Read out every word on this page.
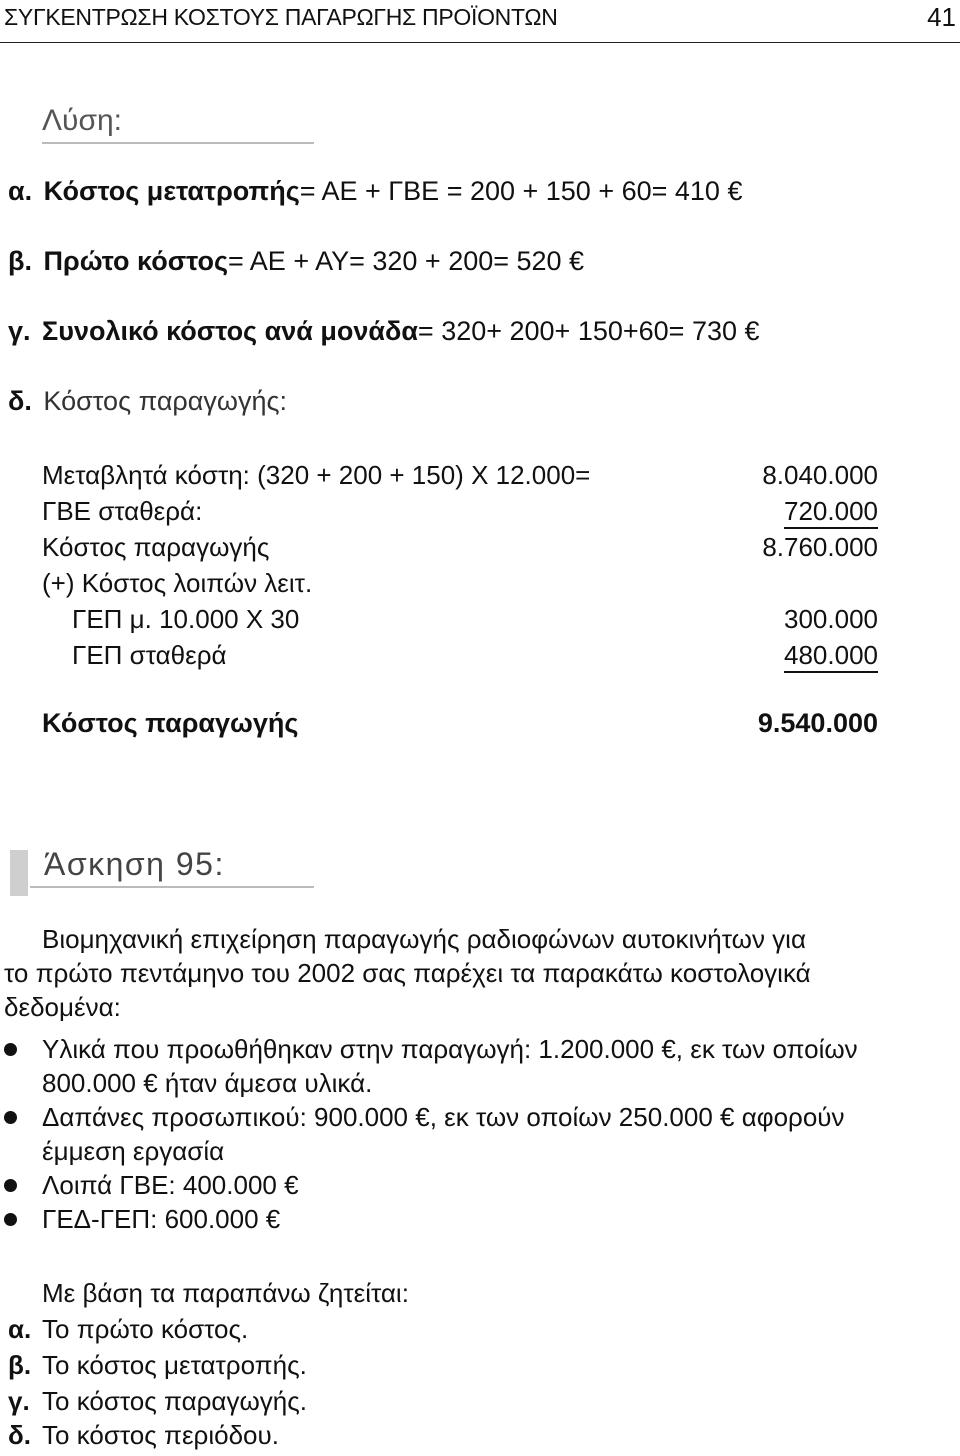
ΣΥΓΚΕΝΤΡΩΣΗ ΚΟΣΤΟΥΣ ΠΑΓΑΡΩΓΗΣ ΠΡΟΪΟΝΤΩΝ	41
Λύση:
α. Κόστος μετατροπής= ΑΕ + ΓΒΕ = 200 + 150 + 60= 410 €
β. Πρώτο κόστος= ΑΕ + ΑΥ= 320 + 200= 520 €
γ. Συνολικό κόστος ανά μονάδα= 320+ 200+ 150+60= 730 €
δ. Κόστος παραγωγής:
Μεταβλητά κόστη: (320 + 200 + 150) Χ 12.000=	8.040.000
ΓΒΕ σταθερά:	720.000
Κόστος παραγωγής	8.760.000
(+) Κόστος λοιπών λειτ.
ΓΕΠ μ. 10.000 Χ 30	300.000
ΓΕΠ σταθερά	480.000
Κόστος παραγωγής	9.540.000
Άσκηση 95:
Βιομηχανική επιχείρηση παραγωγής ραδιοφώνων αυτοκινήτων για
το πρώτο πεντάμηνο του 2002 σας παρέχει τα παρακάτω κοστολογικά
δεδομένα:
Υλικά που προωθήθηκαν στην παραγωγή: 1.200.000 €, εκ των οποίων
800.000 € ήταν άμεσα υλικά.
Δαπάνες προσωπικού: 900.000 €, εκ των οποίων 250.000 € αφορούν
έμμεση εργασία
Λοιπά ΓΒΕ: 400.000 €
ΓΕΔ-ΓΕΠ: 600.000 €
Με βάση τα παραπάνω ζητείται:
α. Το πρώτο κόστος.
β. Το κόστος μετατροπής.
γ. Το κόστος παραγωγής.
δ. Το κόστος περιόδου.
